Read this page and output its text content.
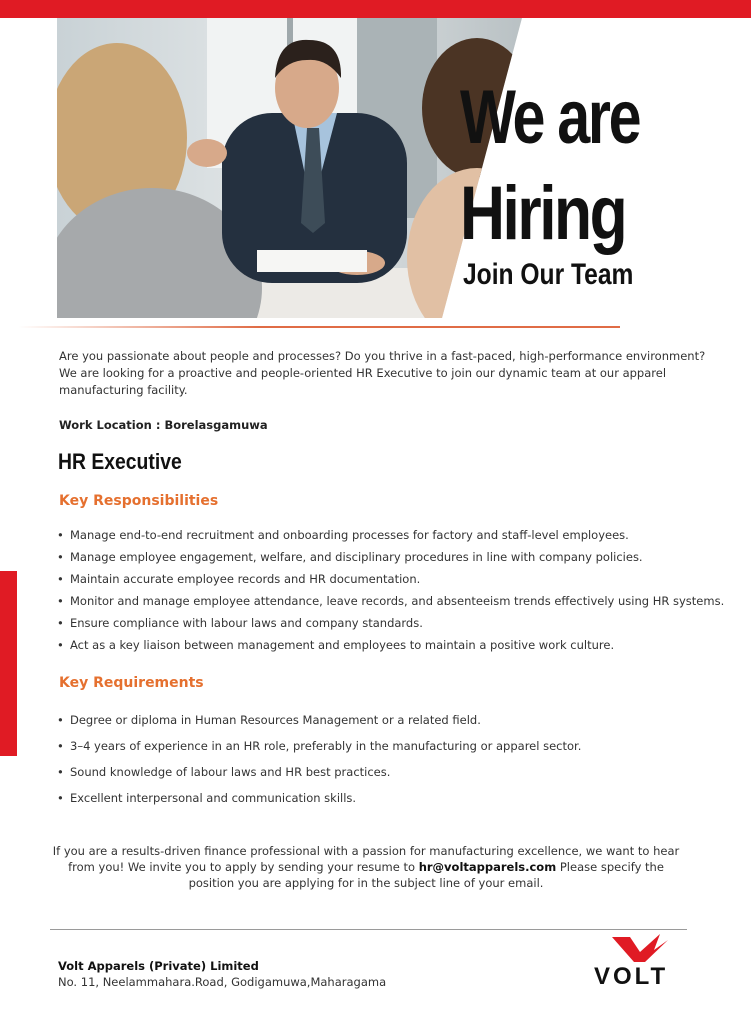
We are
Hiring
Join Our Team
Are you passionate about people and processes? Do you thrive in a fast-paced, high-performance environment? We are looking for a proactive and people-oriented HR Executive to join our dynamic team at our apparel manufacturing facility.
Work Location : Borelasgamuwa
HR Executive
Key Responsibilities
• Manage end-to-end recruitment and onboarding processes for factory and staff-level employees.
• Manage employee engagement, welfare, and disciplinary procedures in line with company policies.
• Maintain accurate employee records and HR documentation.
• Monitor and manage employee attendance, leave records, and absenteeism trends effectively using HR systems.
• Ensure compliance with labour laws and company standards.
• Act as a key liaison between management and employees to maintain a positive work culture.
Key Requirements
• Degree or diploma in Human Resources Management or a related field.
• 3–4 years of experience in an HR role, preferably in the manufacturing or apparel sector.
• Sound knowledge of labour laws and HR best practices.
• Excellent interpersonal and communication skills.
If you are a results-driven finance professional with a passion for manufacturing excellence, we want to hear from you! We invite you to apply by sending your resume to hr@voltapparels.com Please specify the position you are applying for in the subject line of your email.
Volt Apparels (Private) Limited
No. 11, Neelammahara.Road, Godigamuwa,Maharagama	VOLT
